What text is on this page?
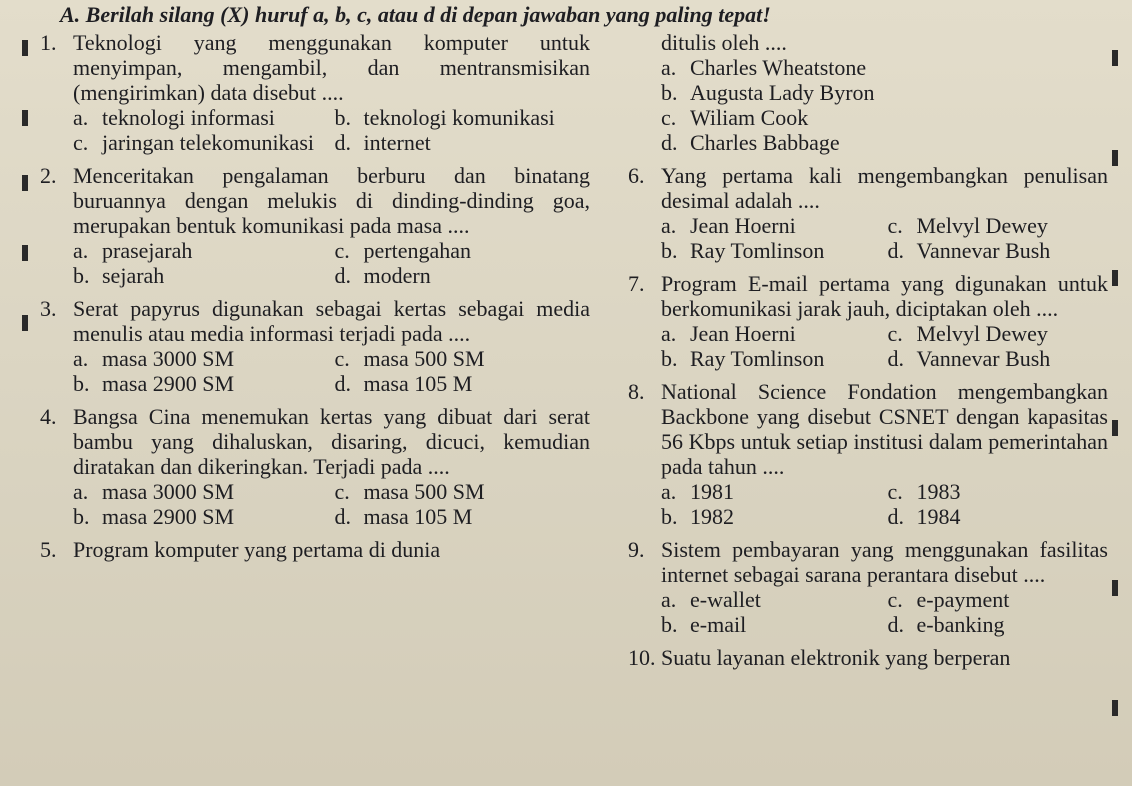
A. Berilah silang (X) huruf a, b, c, atau d di depan jawaban yang paling tepat!
1. Teknologi yang menggunakan komputer untuk menyimpan, mengambil, dan mentransmisikan (mengirimkan) data disebut ....
a. teknologi informasi	b. teknologi komunikasi
c. jaringan telekomunikasi d. internet
2. Menceritakan pengalaman berburu dan binatang buruannya dengan melukis di dinding-dinding goa, merupakan bentuk komunikasi pada masa ....
a. prasejarah	c. pertengahan
b. sejarah	d. modern
3. Serat papyrus digunakan sebagai kertas sebagai media menulis atau media informasi terjadi pada ....
a. masa 3000 SM	c. masa 500 SM
b. masa 2900 SM	d. masa 105 M
4. Bangsa Cina menemukan kertas yang dibuat dari serat bambu yang dihaluskan, disaring, dicuci, kemudian diratakan dan dikeringkan. Terjadi pada ....
a. masa 3000 SM	c. masa 500 SM
b. masa 2900 SM	d. masa 105 M
5. Program komputer yang pertama di dunia
ditulis oleh ....
a. Charles Wheatstone
b. Augusta Lady Byron
c. Wiliam Cook
d. Charles Babbage
6. Yang pertama kali mengembangkan penulisan desimal adalah ....
a. Jean Hoerni	c. Melvyl Dewey
b. Ray Tomlinson	d. Vannevar Bush
7. Program E-mail pertama yang digunakan untuk berkomunikasi jarak jauh, diciptakan oleh ....
a. Jean Hoerni	c. Melvyl Dewey
b. Ray Tomlinson	d. Vannevar Bush
8. National Science Fondation mengembangkan Backbone yang disebut CSNET dengan kapasitas 56 Kbps untuk setiap institusi dalam pemerintahan pada tahun ....
a. 1981	c. 1983
b. 1982	d. 1984
9. Sistem pembayaran yang menggunakan fasilitas internet sebagai sarana perantara disebut ....
a. e-wallet	c. e-payment
b. e-mail	d. e-banking
10. Suatu layanan elektronik yang berperan
